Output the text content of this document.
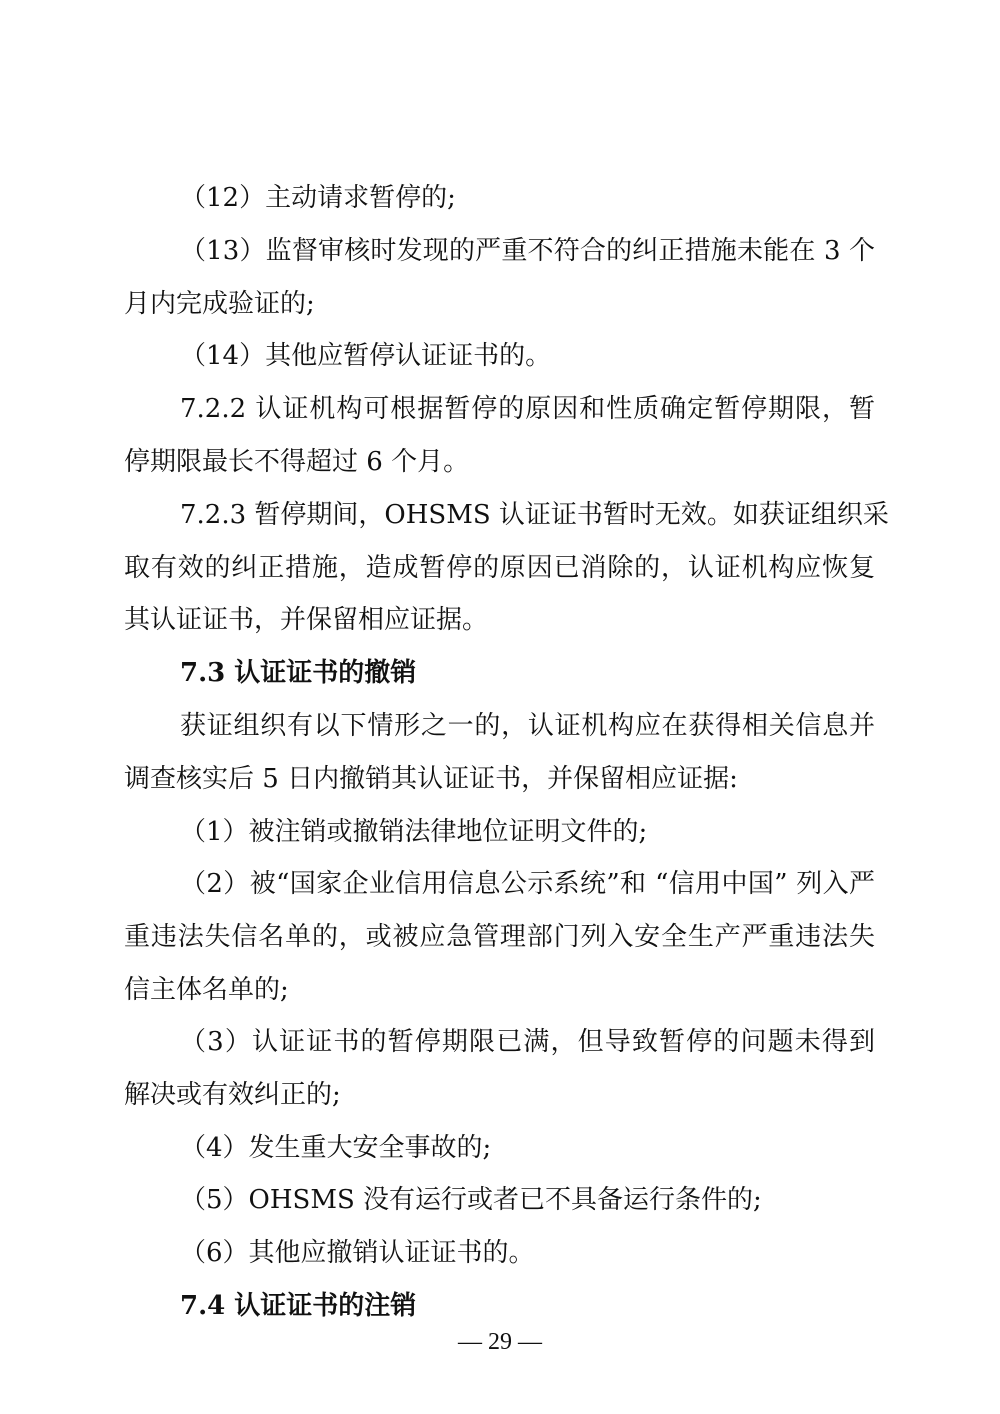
（12）主动请求暂停的;
（13）监督审核时发现的严重不符合的纠正措施未能在 3 个
月内完成验证的;
（14）其他应暂停认证证书的。
7.2.2 认证机构可根据暂停的原因和性质确定暂停期限，暂
停期限最长不得超过 6 个月。
7.2.3 暂停期间，OHSMS 认证证书暂时无效。如获证组织采
取有效的纠正措施，造成暂停的原因已消除的，认证机构应恢复
其认证证书，并保留相应证据。
7.3 认证证书的撤销
获证组织有以下情形之一的，认证机构应在获得相关信息并
调查核实后 5 日内撤销其认证证书，并保留相应证据:
（1）被注销或撤销法律地位证明文件的;
（2）被“国家企业信用信息公示系统”和 “信用中国” 列入严
重违法失信名单的，或被应急管理部门列入安全生产严重违法失
信主体名单的;
（3）认证证书的暂停期限已满，但导致暂停的问题未得到
解决或有效纠正的;
（4）发生重大安全事故的;
（5）OHSMS 没有运行或者已不具备运行条件的;
（6）其他应撤销认证证书的。
7.4 认证证书的注销
— 29 —
